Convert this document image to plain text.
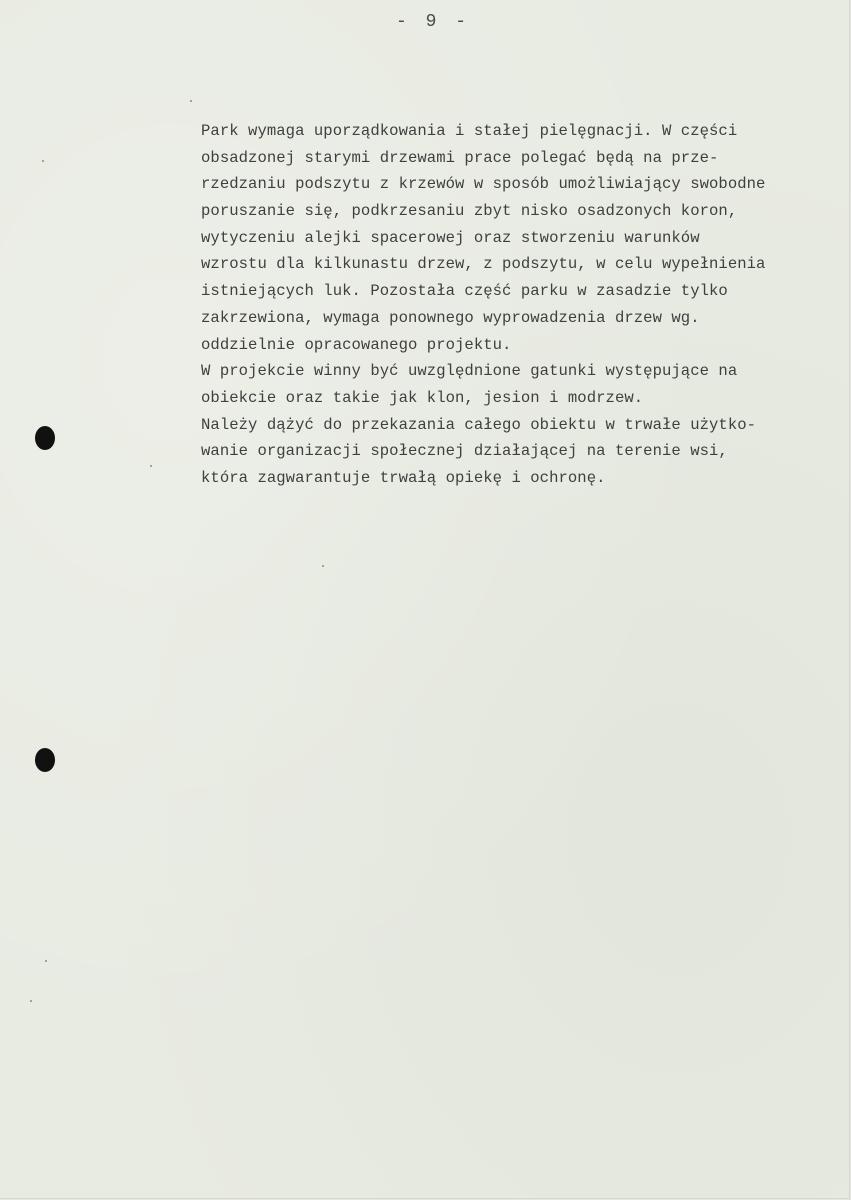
- 9 -
Park wymaga uporządkowania i stałej pielęgnacji. W części
obsadzonej starymi drzewami prace polegać będą na prze-
rzedzaniu podszytu z krzewów w sposób umożliwiający swobodne
poruszanie się, podkrzesaniu zbyt nisko osadzonych koron,
wytyczeniu alejki spacerowej oraz stworzeniu warunków
wzrostu dla kilkunastu drzew, z podszytu, w celu wypełnienia
istniejących luk. Pozostała część parku w zasadzie tylko
zakrzewiona, wymaga ponownego wyprowadzenia drzew wg.
oddzielnie opracowanego projektu.
W projekcie winny być uwzględnione gatunki występujące na
obiekcie oraz takie jak klon, jesion i modrzew.
Należy dążyć do przekazania całego obiektu w trwałe użytko-
wanie organizacji społecznej działającej na terenie wsi,
która zagwarantuje trwałą opiekę i ochronę.
